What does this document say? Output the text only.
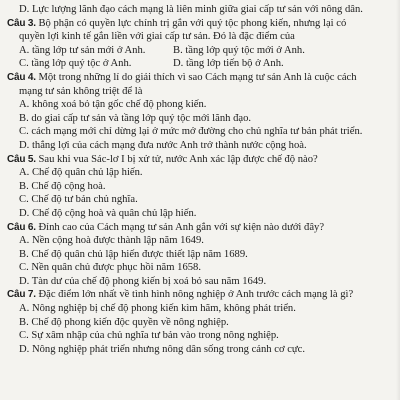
D. Lực lượng lãnh đạo cách mạng là liên minh giữa giai cấp tư sản với nông dân.
Câu 3. Bộ phận có quyền lực chính trị gắn với quý tộc phong kiến, nhưng lại có
quyền lợi kinh tế gắn liền với giai cấp tư sản. Đó là đặc điểm của
A. tầng lớp tư sản mới ở Anh.	B. tầng lớp quý tộc mới ở Anh.
C. tầng lớp quý tộc ở Anh.	D. tầng lớp tiến bộ ở Anh.
Câu 4. Một trong những lí do giải thích vì sao Cách mạng tư sản Anh là cuộc cách
mạng tư sản không triệt để là
A. không xoá bỏ tận gốc chế độ phong kiến.
B. do giai cấp tư sản và tầng lớp quý tộc mới lãnh đạo.
C. cách mạng mới chỉ dừng lại ở mức mở đường cho chủ nghĩa tư bản phát triển.
D. thắng lợi của cách mạng đưa nước Anh trở thành nước cộng hoà.
Câu 5. Sau khi vua Sác-lơ I bị xử tử, nước Anh xác lập được chế độ nào?
A. Chế độ quân chủ lập hiến.
B. Chế độ cộng hoà.
C. Chế độ tư bản chủ nghĩa.
D. Chế độ cộng hoà và quân chủ lập hiến.
Câu 6. Đỉnh cao của Cách mạng tư sản Anh gắn với sự kiện nào dưới đây?
A. Nền cộng hoà được thành lập năm 1649.
B. Chế độ quân chủ lập hiến được thiết lập năm 1689.
C. Nền quân chủ được phục hồi năm 1658.
D. Tàn dư của chế độ phong kiến bị xoá bỏ sau năm 1649.
Câu 7. Đặc điểm lớn nhất về tình hình nông nghiệp ở Anh trước cách mạng là gì?
A. Nông nghiệp bị chế độ phong kiến kìm hãm, không phát triển.
B. Chế độ phong kiến độc quyền về nông nghiệp.
C. Sự xâm nhập của chủ nghĩa tư bản vào trong nông nghiệp.
D. Nông nghiệp phát triển nhưng nông dân sống trong cảnh cơ cực.
